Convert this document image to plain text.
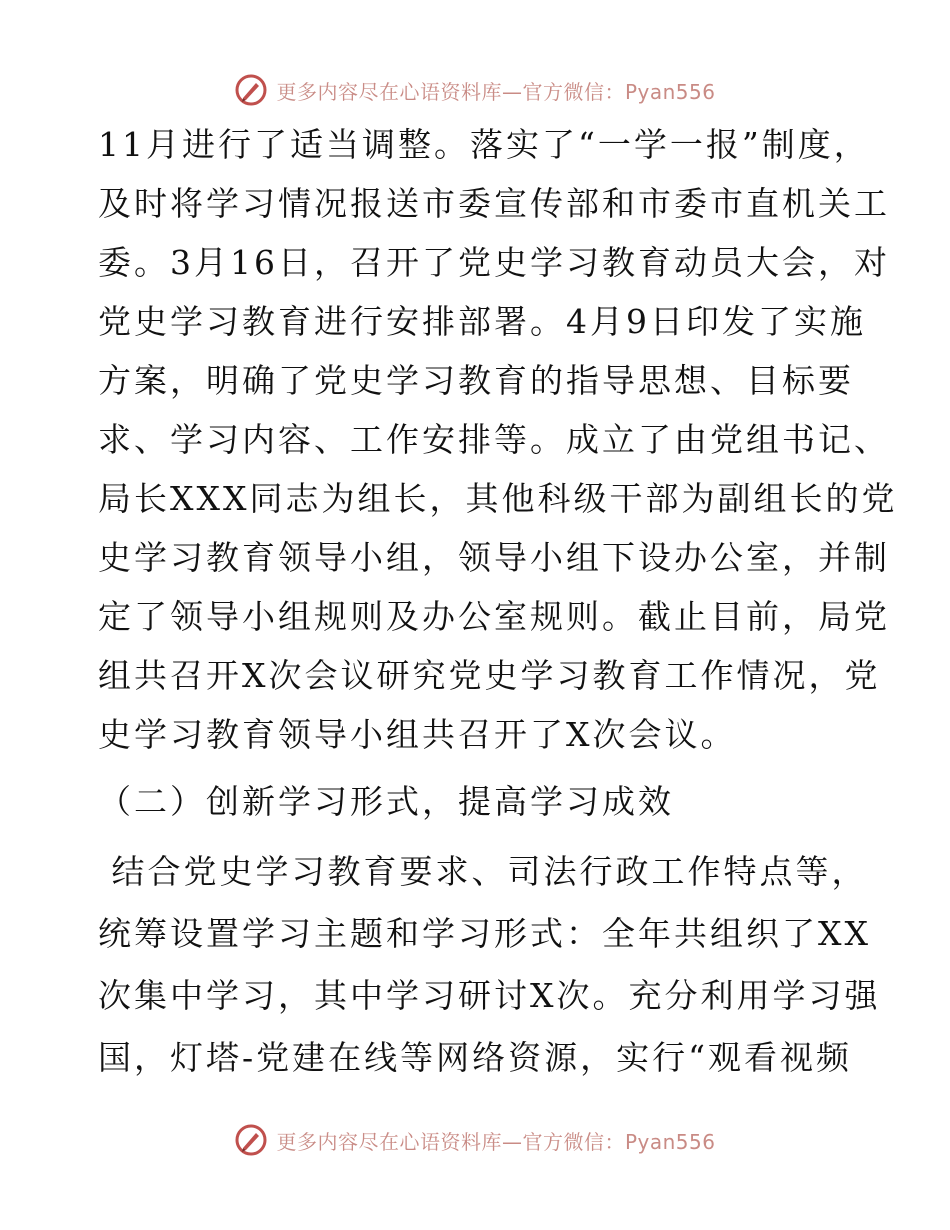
更多内容尽在心语资料库—官方微信：Pyan556
11月进行了适当调整。落实了“一学一报”制度，
及时将学习情况报送市委宣传部和市委市直机关工
委。3月16日，召开了党史学习教育动员大会，对
党史学习教育进行安排部署。4月9日印发了实施
方案，明确了党史学习教育的指导思想、目标要
求、学习内容、工作安排等。成立了由党组书记、
局长XXX同志为组长，其他科级干部为副组长的党
史学习教育领导小组，领导小组下设办公室，并制
定了领导小组规则及办公室规则。截止目前，局党
组共召开X次会议研究党史学习教育工作情况，党
史学习教育领导小组共召开了X次会议。
（二）创新学习形式，提高学习成效
结合党史学习教育要求、司法行政工作特点等，
统筹设置学习主题和学习形式：全年共组织了XX
次集中学习，其中学习研讨X次。充分利用学习强
国，灯塔-党建在线等网络资源，实行“观看视频
更多内容尽在心语资料库—官方微信：Pyan556
